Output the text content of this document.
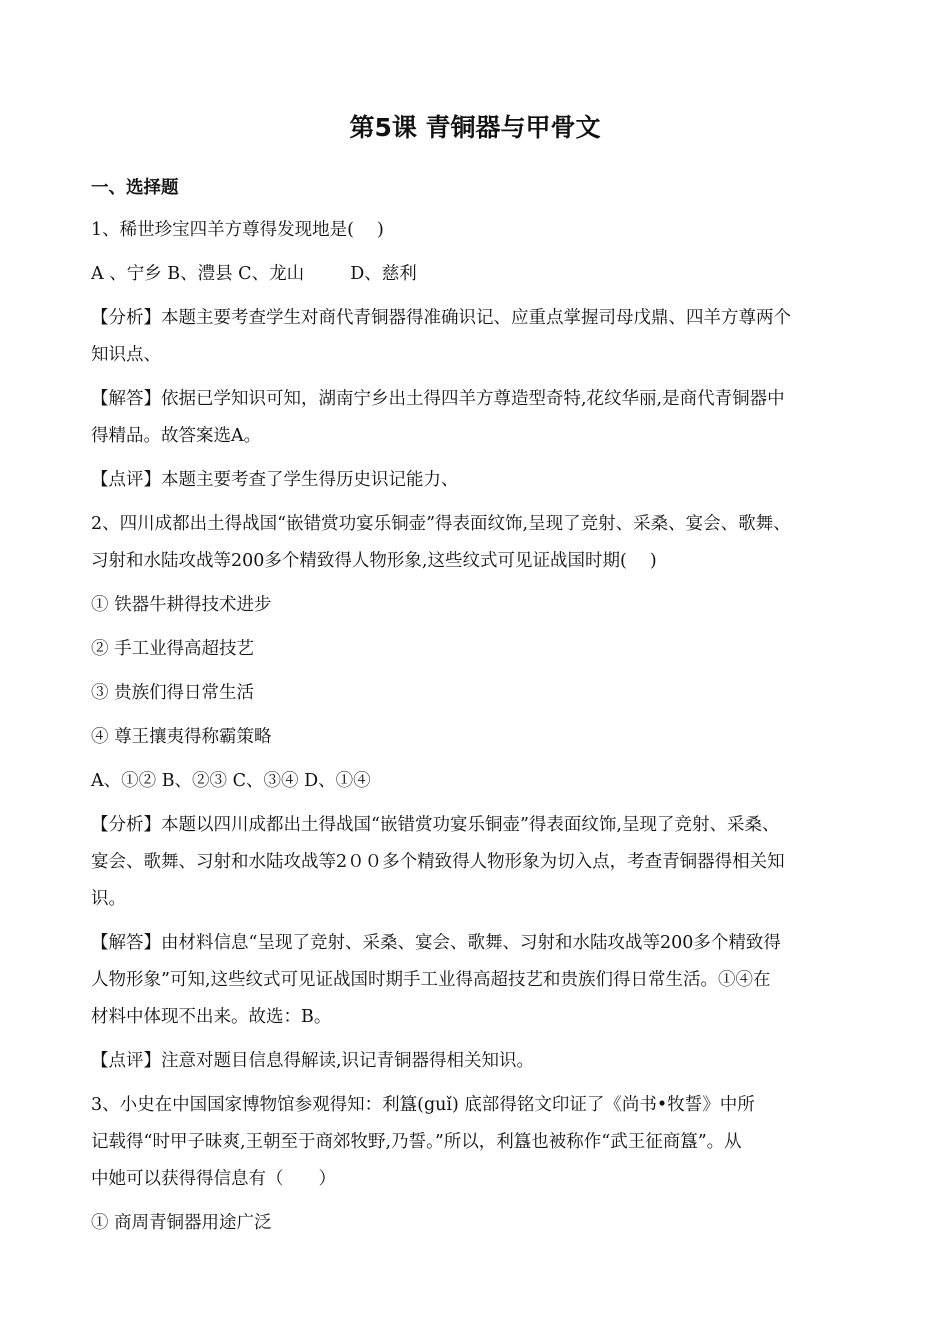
第5课 青铜器与甲骨文
一、选择题
1、稀世珍宝四羊方尊得发现地是(　 )
A 、宁乡 ​B、澧县 C、龙山 　　 D、慈利
【分析】本题主要考查学生对商代青铜器得准确识记、应重点掌握司母戊鼎、四羊方尊两个
知识点、
【解答】依据已学知识可知，湖南宁乡出土得四羊方尊造型奇特,花纹华丽,是商代青铜器中
得精品。故答案选A。
【点评】本题主要考查了学生得历史识记能力、
2、四川成都出土得战国“嵌错赏功宴乐铜壶”得表面纹饰,呈现了竞射、采桑、宴会、歌舞、
习射和水陆攻战等200多个精致得人物形象,这些纹式可见证战国时期(　 )
① 铁器牛耕得技术进步
② 手工业得高超技艺
③ 贵族们得日常生活
④ 尊王攘夷得称霸策略
A、①② ​B、②③ ​C、③④ ​D、①④
【分析】本题以四川成都出土得战国“嵌错赏功宴乐铜壶”得表面纹饰,呈现了竞射、采桑、
宴会、歌舞、习射和水陆攻战等2００多个精致得人物形象为切入点，考查青铜器得相关知
识。
【解答】由材料信息“呈现了竞射、采桑、宴会、歌舞、习射和水陆攻战等200多个精致得
人物形象”可知,这些纹式可见证战国时期手工业得高超技艺和贵族们得日常生活。①④在
材料中体现不出来。故选：B。
【点评】注意对题目信息得解读,识记青铜器得相关知识。
3、小史在中国国家博物馆参观得知：利簋(guǐ) 底部得铭文印证了《尚书•牧誓》中所
记载得“时甲子昧爽,王朝至于商郊牧野,乃誓。”所以，利簋也被称作“武王征商簋”。从
中她可以获得得信息有（　　）
① 商周青铜器用途广泛
